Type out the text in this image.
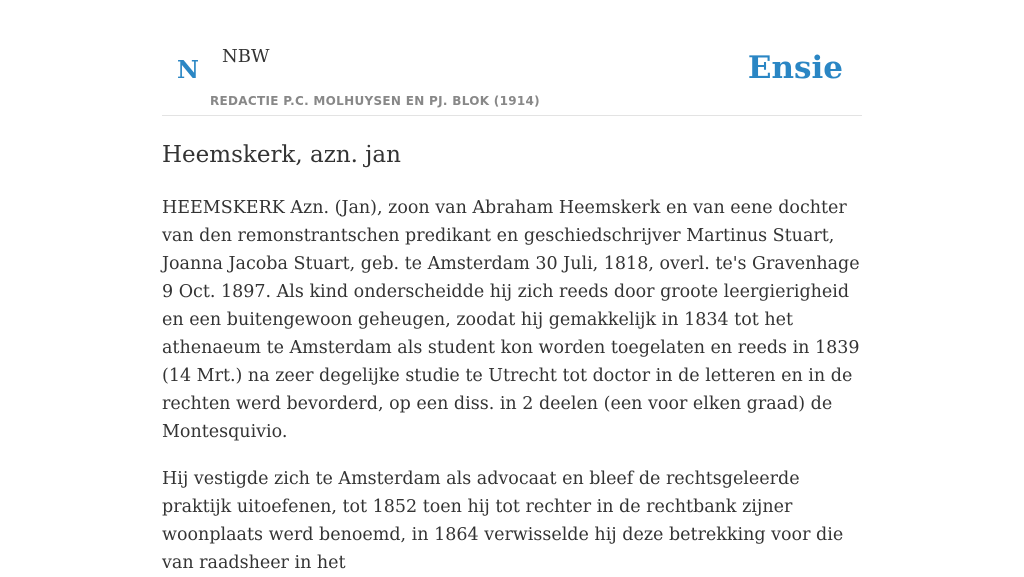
N NBW
REDACTIE P.C. MOLHUYSEN EN PJ. BLOK (1914)
Ensie
Heemskerk, azn. jan

HEEMSKERK Azn. (Jan), zoon van Abraham Heemskerk en van eene dochter van den remonstrantschen predikant en geschiedschrijver Martinus Stuart, Joanna Jacoba Stuart, geb. te Amsterdam 30 Juli, 1818, overl. te's Gravenhage 9 Oct. 1897. Als kind onderscheidde hij zich reeds door groote leergierigheid en een buitengewoon geheugen, zoodat hij gemakkelijk in 1834 tot het athenaeum te Amsterdam als student kon worden toegelaten en reeds in 1839 (14 Mrt.) na zeer degelijke studie te Utrecht tot doctor in de letteren en in de rechten werd bevorderd, op een diss. in 2 deelen (een voor elken graad) de Montesquivio.

Hij vestigde zich te Amsterdam als advocaat en bleef de rechtsgeleerde praktijk uitoefenen, tot 1852 toen hij tot rechter in de rechtbank zijner woonplaats werd benoemd, in 1864 verwisselde hij deze betrekking voor die van raadsheer in het
